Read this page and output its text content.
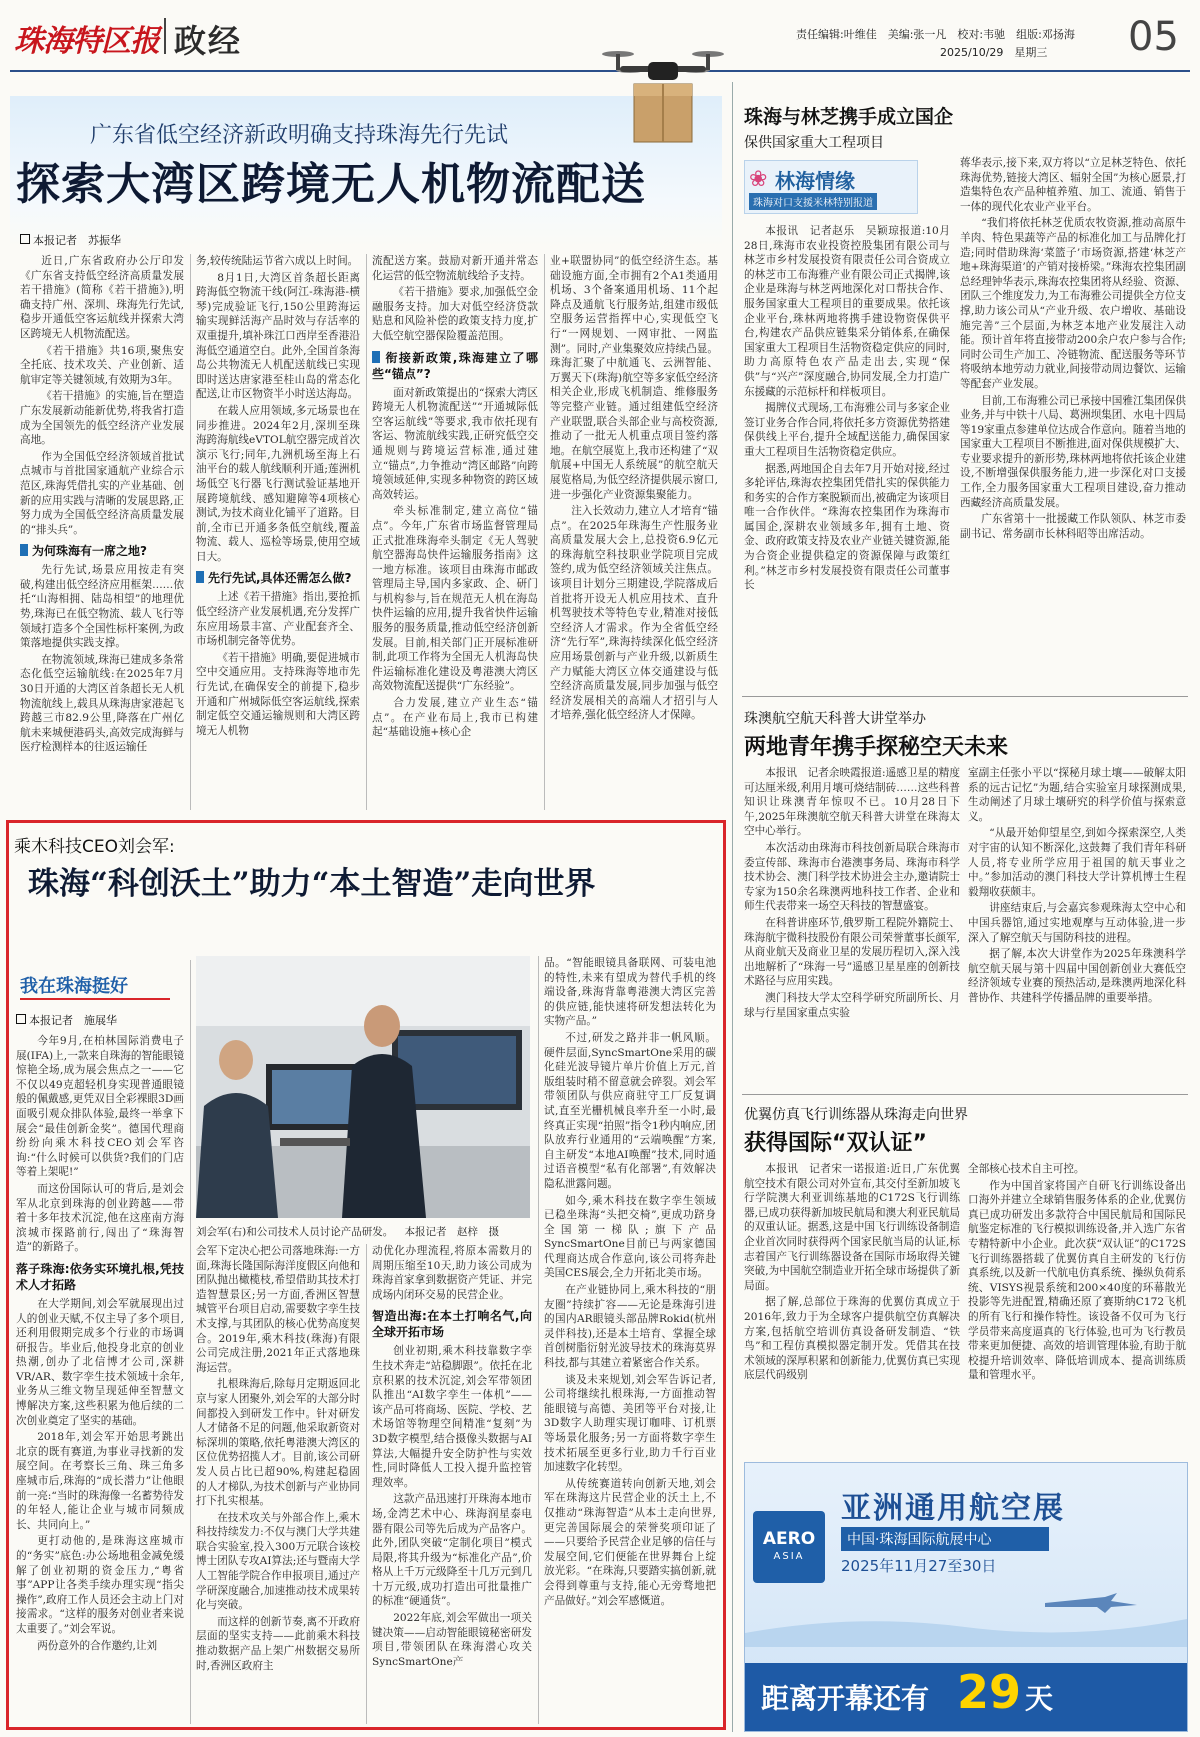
珠海特区报 政经	责任编辑:叶维佳　美编:张一凡　校对:韦驰　组版:邓扬海
2025/10/29　星期三 05
广东省低空经济新政明确支持珠海先行先试
探索大湾区跨境无人机物流配送
本报记者　苏振华

近日,广东省政府办公厅印发《广东省支持低空经济高质量发展若干措施》(简称《若干措施》),明确支持广州、深圳、珠海先行先试,稳步开通低空客运航线并探索大湾区跨境无人机物流配送。

《若干措施》共16项,聚焦安全托底、技术攻关、产业创新、适航审定等关键领域,有效期为3年。

《若干措施》的实施,旨在塑造广东发展新动能新优势,将我省打造成为全国领先的低空经济产业发展高地。

作为全国低空经济领域首批试点城市与首批国家通航产业综合示范区,珠海凭借扎实的产业基础、创新的应用实践与清晰的发展思路,正努力成为全国低空经济高质量发展的“排头兵”。

为何珠海有一席之地?

先行先试,场景应用按走有突破,构建出低空经济应用框架……依托“山海相拥、陆岛相望”的地理优势,珠海已在低空物流、载人飞行等领域打造多个全国性标杆案例,为政策落地提供实践支撑。

在物流领域,珠海已建成多条常态化低空运输航线:在2025年7月30日开通的大湾区首条超长无人机物流航线上,载具从珠海唐家港起飞跨越三市82.9公里,降落在广州亿航未来城便港码头,高效完成海鲜与医疗检测样本的往返运输任

务,较传统陆运节省六成以上时间。

8月1日,大湾区首条超长距离跨海低空物流干线(阿江-珠海港-横琴)完成验证飞行,150公里跨海运输实现鲜活海产品时效与存活率的双重提升,填补珠江口西岸至香港沿海低空通道空白。此外,全国首条海岛公共物流无人机配送航线已实现即时送达唐家港至桂山岛的常态化配送,让市区物资半小时送达海岛。

在载人应用领域,多元场景也在同步推进。2024年2月,深圳至珠海跨海航线eVTOL航空器完成首次演示飞行;同年,九洲机场至海上石油平台的载人航线顺利开通;莲洲机场低空飞行器飞行测试验证基地开展跨境航线、感知避障等4项核心测试,为技术商业化铺平了道路。目前,全市已开通多条低空航线,覆盖物流、载人、巡检等场景,使用空域日大。

先行先试,具体还需怎么做?

上述《若干措施》指出,要抢抓低空经济产业发展机遇,充分发挥广东应用场景丰富、产业配套齐全、市场机制完备等优势。

《若干措施》明确,要促进城市空中交通应用。支持珠海等地市先行先试,在确保安全的前提下,稳步开通和广州城际低空客运航线,探索制定低空交通运输规则和大湾区跨境无人机物

流配送方案。鼓励对新开通并常态化运营的低空物流航线给予支持。

《若干措施》要求,加强低空金融服务支持。加大对低空经济贷款贴息和风险补偿的政策支持力度,扩大低空航空器保险覆盖范围。

衔接新政策,珠海建立了哪些“锚点”?

面对新政策提出的“探索大湾区跨境无人机物流配送”“开通城际低空客运航线”等要求,我市依托现有客运、物流航线实践,正研究低空交通规则与跨境运营标准,通过建立“锚点”,力争推动“湾区邮路”向跨境领域延伸,实现多种物资的跨区域高效转运。

牵头标准制定,建立高位“锚点”。今年,广东省市场监督管理局正式批准珠海牵头制定《无人驾驶航空器海岛快件运输服务指南》这一地方标准。该项目由珠海市邮政管理局主导,国内多家政、企、研门与机构参与,旨在规范无人机在海岛快件运输的应用,提升我省快件运输服务的服务质量,推动低空经济创新发展。目前,相关部门正开展标准研制,此项工作将为全国无人机海岛快件运输标准化建设及粤港澳大湾区高效物流配送提供“广东经验”。

合力发展,建立产业生态“锚点”。在产业布局上,我市已构建起“基础设施+核心企

业+联盟协同”的低空经济生态。基础设施方面,全市拥有2个A1类通用机场、3个备案通用机场、11个起降点及通航飞行服务站,组建市级低空服务运营指挥中心,实现低空飞行“一网规划、一网审批、一网监测”。同时,产业集聚效应持续凸显。珠海汇聚了中航通飞、云洲智能、万翼天下(珠海)航空等多家低空经济相关企业,形成飞机制造、维修服务等完整产业链。通过组建低空经济产业联盟,联合头部企业与高校资源,推动了一批无人机重点项目签约落地。在航空展览上,我市还构建了“双航展+中国无人系统展”的航空航天展览格局,为低空经济提供展示窗口,进一步强化产业资源集聚能力。

注入长效动力,建立人才培育“锚点”。在2025年珠海生产性服务业高质量发展大会上,总投资6.9亿元的珠海航空科技职业学院项目完成签约,成为低空经济领域关注焦点。该项目计划分三期建设,学院落成后首批将开设无人机应用技术、直升机驾驶技术等特色专业,精准对接低空经济人才需求。作为全省低空经济“先行军”,珠海持续深化低空经济应用场景创新与产业升级,以新质生产力赋能大湾区立体交通建设与低空经济高质量发展,同步加强与低空经济发展相关的高端人才招引与人才培养,强化低空经济人才保障。

珠海与林芝携手成立国企
保供国家重大工程项目
❀ 林海情缘
珠海对口支援米林特别报道

本报讯　记者赵乐　吴颖琼报道:10月28日,珠海市农业投资控股集团有限公司与林芝市乡村发展投资有限责任公司合资成立的林芝市工布海雅产业有限公司正式揭牌,该企业是珠海与林芝两地深化对口帮扶合作、服务国家重大工程项目的重要成果。依托该企业平台,珠林两地将携手建设物资保供平台,构建农产品供应链集采分销体系,在确保国家重大工程项目生活物资稳定供应的同时,助力高原特色农产品走出去,实现“保供”与“兴产”深度融合,协同发展,全力打造广东援藏的示范标杆和样板项目。

揭牌仪式现场,工布海雅公司与多家企业签订业务合作合同,将依托多方资源优势搭建保供线上平台,提升全域配送能力,确保国家重大工程项目生活物资稳定供应。

据悉,两地国企自去年7月开始对接,经过多轮评估,珠海农控集团凭借扎实的保供能力和务实的合作方案脱颖而出,被确定为该项目唯一合作伙伴。“珠海农控集团作为珠海市属国企,深耕农业领域多年,拥有土地、资金、政府政策支持及农业产业链关键资源,能为合资企业提供稳定的资源保障与政策红利。”林芝市乡村发展投资有限责任公司董事长

蒋华表示,接下来,双方将以“立足林芝特色、依托珠海优势,链接大湾区、辐射全国”为核心愿景,打造集特色农产品种植养殖、加工、流通、销售于一体的现代化农业产业平台。

“我们将依托林芝优质农牧资源,推动高原牛羊肉、特色果蔬等产品的标准化加工与品牌化打造;同时借助珠海‘菜篮子’市场资源,搭建‘林芝产地+珠海渠道’的产销对接桥梁。”珠海农控集团副总经理钟华表示,珠海农控集团将从经验、资源、团队三个维度发力,为工布海雅公司提供全方位支撑,助力该公司从“产业升级、农户增收、基础设施完善”三个层面,为林芝本地产业发展注入动能。预计首年将直接带动200余户农户参与合作;同时公司生产加工、冷链物流、配送服务等环节将吸纳本地劳动力就业,间接带动周边餐饮、运输等配套产业发展。

目前,工布海雅公司已承接中国雅江集团保供业务,并与中铁十八局、葛洲坝集团、水电十四局等19家重点参建单位达成合作意向。随着当地的国家重大工程项目不断推进,面对保供规模扩大、专业要求提升的新形势,珠林两地将依托该企业建设,不断增强保供服务能力,进一步深化对口支援工作,全力服务国家重大工程项目建设,奋力推动西藏经济高质量发展。

广东省第十一批援藏工作队领队、林芝市委副书记、常务副市长林科昭等出席活动。

珠澳航空航天科普大讲堂举办
两地青年携手探秘空天未来

本报讯　记者余映霞报道:遥感卫星的精度可达厘米级,利用月壤可烧结制砖……这些科普知识让珠澳青年惊叹不已。10月28日下午,2025年珠澳航空航天科普大讲堂在珠海太空中心举行。

本次活动由珠海市科技创新局联合珠海市委宣传部、珠海市台港澳事务局、珠海市科学技术协会、澳门科学技术协进会主办,邀请院士专家为150余名珠澳两地科技工作者、企业和师生代表带来一场空天科技的智慧盛宴。

在科普讲座环节,俄罗斯工程院外籍院士、珠海航宇微科技股份有限公司荣誉董事长颜军,从商业航天及商业卫星的发展历程切入,深入浅出地解析了“珠海一号”遥感卫星星座的创新技术路径与应用实践。

澳门科技大学太空科学研究所副所长、月球与行星国家重点实验

室副主任张小平以“探秘月球土壤——破解太阳系的远古记忆”为题,结合实验室月球探测成果,生动阐述了月球土壤研究的科学价值与探索意义。

“从最开始仰望星空,到如今探索深空,人类对宇宙的认知不断深化,这鼓舞了我们青年科研人员,将专业所学应用于祖国的航天事业之中。”参加活动的澳门科技大学计算机博士生程毅翔收获颇丰。

讲座结束后,与会嘉宾参观珠海太空中心和中国兵器馆,通过实地观摩与互动体验,进一步深入了解空航天与国防科技的进程。

据了解,本次大讲堂作为2025年珠澳科学航空航天展与第十四届中国创新创业大赛低空经济领域专业赛的预热活动,是珠澳两地深化科普协作、共建科学传播品牌的重要举措。

优翼仿真飞行训练器从珠海走向世界
获得国际“双认证”

本报讯　记者宋一诺报道:近日,广东优翼航空技术有限公司对外宣布,其交付至新加坡飞行学院澳大利亚训练基地的C172S飞行训练器,已成功获得新加坡民航局和澳大利亚民航局的双重认证。据悉,这是中国飞行训练设备制造企业首次同时获得两个国家民航当局的认证,标志着国产飞行训练器设备在国际市场取得关键突破,为中国航空制造业开拓全球市场提供了新局面。

据了解,总部位于珠海的优翼仿真成立于2016年,致力于为全球客户提供航空仿真解决方案,包括航空培训仿真设备研发制造、“铁鸟”和工程仿真模拟器定制开发。凭借其在技术领域的深厚积累和创新能力,优翼仿真已实现底层代码级别

全部核心技术自主可控。

作为中国首家将国产自研飞行训练设备出口海外并建立全球销售服务体系的企业,优翼仿真已成功研发出多款符合中国民航局和国际民航鉴定标准的飞行模拟训练设备,并入选广东省专精特新中小企业。此次获“双认证”的C172S飞行训练器搭载了优翼仿真自主研发的飞行仿真系统,以及新一代航电仿真系统、操纵负荷系统、VISYS视景系统和200×40度的环幕散光投影等先进配置,精确还原了赛斯纳C172飞机的所有飞行和操作特性。该设备不仅可为飞行学员带来高度逼真的飞行体验,也可为飞行教员带来更加便捷、高效的培训管理体验,有助于航校提升培训效率、降低培训成本、提高训练质量和管理水平。

AERO
ASIA
亚洲通用航空展
中国·珠海国际航展中心
2025年11月27至30日
距离开幕还有 29 天
乘木科技CEO刘会军:
珠海“科创沃土”助力“本土智造”走向世界
我在珠海挺好
本报记者　施展华
刘会军(右)和公司技术人员讨论产品研发。 本报记者　赵梓　摄

今年9月,在柏林国际消费电子展(IFA)上,一款来自珠海的智能眼镜惊艳全场,成为展会焦点之一——它不仅以49克超轻机身实现普通眼镜般的佩戴感,更凭双目全彩裸眼3D画面吸引观众排队体验,最终一举拿下展会“最佳创新金奖”。德国代理商纷纷向乘木科技CEO刘会军咨询:“什么时候可以供货?我们的门店等着上架呢!”

而这份国际认可的背后,是刘会军从北京到珠海的创业跨越——带着十多年技术沉淀,他在这座南方海滨城市探路前行,闯出了“珠海智造”的新路子。

落子珠海:依务实环境扎根,凭技术人才拓路

在大学期间,刘会军就展现出过人的创业天赋,不仅主导了多个项目,还利用假期完成多个行业的市场调研报告。毕业后,他投身北京的创业热潮,创办了北信博才公司,深耕VR/AR、数字孪生技术领域十余年,业务从三维文物呈现延伸至智慧文博解决方案,这些积累为他后续的二次创业奠定了坚实的基础。

2018年,刘会军开始思考跳出北京的既有赛道,为事业寻找新的发展空间。在考察长三角、珠三角多座城市后,珠海的“成长潜力”让他眼前一亮:“当时的珠海像一名蓄势待发的年轻人,能让企业与城市同频成长、共同向上。”

更打动他的,是珠海这座城市的“务实”底色:办公场地租金减免缓解了创业初期的资金压力,“粤省事”APP让各类手续办理实现“指尖操作”,政府工作人员还会主动上门对接需求。“这样的服务对创业者来说太重要了。”刘会军说。

两份意外的合作邀约,让刘

会军下定决心把公司落地珠海:一方面,珠海长隆国际海洋度假区向他和团队抛出橄榄枝,希望借助其技术打造智慧景区;另一方面,香洲区智慧城管平台项目启动,需要数字孪生技术支撑,与其团队的核心优势高度契合。2019年,乘木科技(珠海)有限公司完成注册,2021年正式落地珠海运营。

扎根珠海后,除每月定期返回北京与家人团聚外,刘会军的大部分时间都投入到研发工作中。针对研发人才储备不足的问题,他采取新资对标深圳的策略,依托粤港澳大湾区的区位优势招揽人才。目前,该公司研发人员占比已超90%,构建起稳固的人才梯队,为技术创新与产业协同打下扎实根基。

在技术攻关与外部合作上,乘木科技持续发力:不仅与澳门大学共建联合实验室,投入300万元联合该校博士团队专攻AI算法;还与暨南大学人工智能学院合作申报项目,通过产学研深度融合,加速推动技术成果转化与突破。

而这样的创新节奏,离不开政府层面的坚实支持——此前乘木科技推动数据产品上架广州数据交易所时,香洲区政府主

动优化办理流程,将原本需数月的周期压缩至10天,助力该公司成为珠海首家拿到数据资产凭证、并完成场内闭环交易的民营企业。

智造出海:在本土打响名气,向全球开拓市场

创业初期,乘木科技靠数字孪生技术奔走“站稳脚跟”。依托在北京积累的技术沉淀,刘会军带领团队推出“AI数字孪生一体机”——该产品可将商场、医院、学校、艺术场馆等物理空间精准“复刻”为3D数字模型,结合摄像头数据与AI算法,大幅提升安全防护性与实效性,同时降低人工投入提升监控管理效率。

这款产品迅速打开珠海本地市场,金湾艺术中心、珠海润星泰电器有限公司等先后成为产品客户。此外,团队突破“定制化项目”模式局限,将其升级为“标准化产品”,价格从上千万元级降至十几万元到几十万元级,成功打造出可批量推广的标准“硬通货”。

2022年底,刘会军做出一项关键决策——启动智能眼镜秘密研发项目,带领团队在珠海潜心攻关SyncSmartOne产

品。“智能眼镜具备联网、可装电池的特性,未来有望成为替代手机的终端设备,珠海背靠粤港澳大湾区完善的供应链,能快速将研发想法转化为实物产品。”

不过,研发之路并非一帆风顺。硬件层面,SyncSmartOne采用的碳化硅光波导镜片单片价值上万元,首版组装时稍不留意就会碎裂。刘会军带领团队与供应商驻守工厂反复调试,直至光栅机械良率升至一小时,最终真正实现“拍照”指令1秒内响应,团队放弃行业通用的“云端唤醒”方案,自主研发“本地AI唤醒”技术,同时通过语音模型“私有化部署”,有效解决隐私泄露问题。

如今,乘木科技在数字孪生领域已稳坐珠海“头把交椅”,更成功跻身全国第一梯队;旗下产品SyncSmartOne目前已与两家德国代理商达成合作意向,该公司将奔赴美国CES展会,全力开拓北美市场。

在产业链协同上,乘木科技的“朋友圈”持续扩容——无论是珠海引进的国内AR眼镜头部品牌Rokid(杭州灵伴科技),还是本土培育、掌握全球首创树脂衍射光波导技术的珠海莫界科技,都与其建立着紧密合作关系。

谈及未来规划,刘会军告诉记者,公司将继续扎根珠海,一方面推动智能眼镜与高德、美团等平台对接,让3D数字人助理实现订咖啡、订机票等场景化服务;另一方面将数字孪生技术拓展至更多行业,助力千行百业加速数字化转型。

从传统赛道转向创新天地,刘会军在珠海这片民营企业的沃土上,不仅推动“珠海智造”从本土走向世界,更完善国际展会的荣誉奖项印证了——只要给予民营企业足够的信任与发展空间,它们便能在世界舞台上绽放光彩。“在珠海,只要踏实搞创新,就会得到尊重与支持,能心无旁骛地把产品做好。”刘会军感慨道。
